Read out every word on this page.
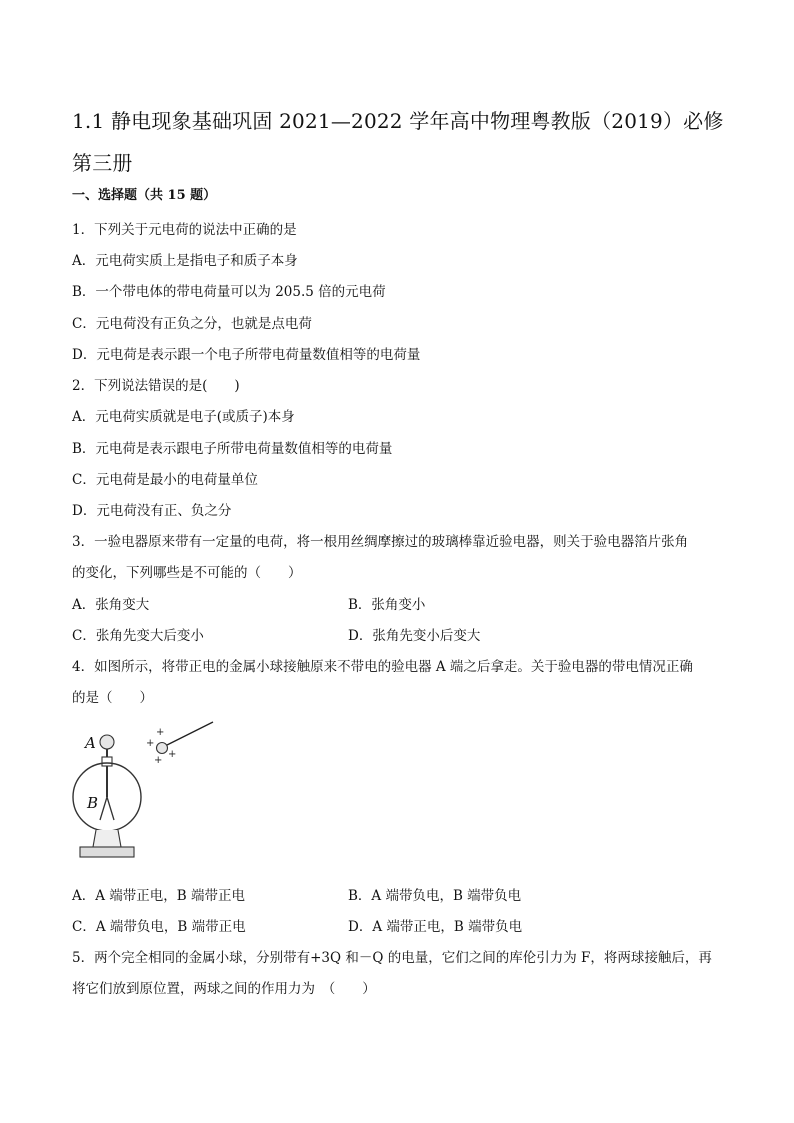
1.1 静电现象基础巩固 2021—2022 学年高中物理粤教版（2019）必修第三册
一、选择题（共 15 题）
1．下列关于元电荷的说法中正确的是
A．元电荷实质上是指电子和质子本身
B．一个带电体的带电荷量可以为 205.5 倍的元电荷
C．元电荷没有正负之分，也就是点电荷
D．元电荷是表示跟一个电子所带电荷量数值相等的电荷量
2．下列说法错误的是(　　)
A．元电荷实质就是电子(或质子)本身
B．元电荷是表示跟电子所带电荷量数值相等的电荷量
C．元电荷是最小的电荷量单位
D．元电荷没有正、负之分
3．一验电器原来带有一定量的电荷，将一根用丝绸摩擦过的玻璃棒靠近验电器，则关于验电器箔片张角
的变化，下列哪些是不可能的（　　）
A．张角变大	B．张角变小
C．张角先变大后变小	D．张角先变小后变大
4．如图所示，将带正电的金属小球接触原来不带电的验电器 A 端之后拿走。关于验电器的带电情况正确
的是（　　）
+
+
+
+
A
B
A．A 端带正电，B 端带正电	B．A 端带负电，B 端带负电
C．A 端带负电，B 端带正电	D．A 端带正电，B 端带负电
5．两个完全相同的金属小球，分别带有+3Q 和－Q 的电量，它们之间的库伦引力为 F，将两球接触后，再
将它们放到原位置，两球之间的作用力为　（　　）
